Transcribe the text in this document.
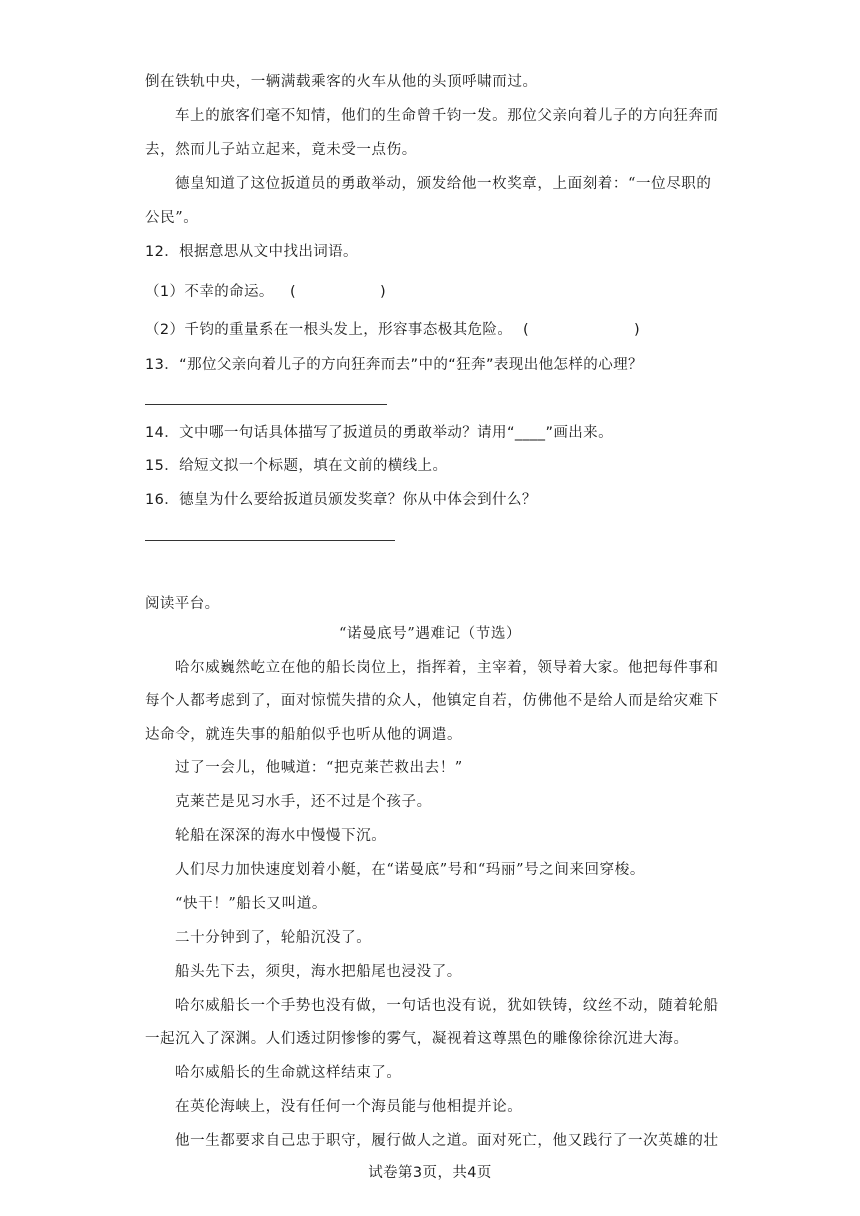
倒在铁轨中央，一辆满载乘客的火车从他的头顶呼啸而过。
车上的旅客们毫不知情，他们的生命曾千钧一发。那位父亲向着儿子的方向狂奔而
去，然而儿子站立起来，竟未受一点伤。
德皇知道了这位扳道员的勇敢举动，颁发给他一枚奖章，上面刻着：“一位尽职的
公民”。
12．根据意思从文中找出词语。
（1）不幸的命运。 (	)
（2）千钧的重量系在一根头发上，形容事态极其危险。 (	)
13．“那位父亲向着儿子的方向狂奔而去”中的“狂奔”表现出他怎样的心理？
14．文中哪一句话具体描写了扳道员的勇敢举动？请用“____”画出来。
15．给短文拟一个标题，填在文前的横线上。
16．德皇为什么要给扳道员颁发奖章？你从中体会到什么？
阅读平台。
“诺曼底号”遇难记（节选）
哈尔威巍然屹立在他的船长岗位上，指挥着，主宰着，领导着大家。他把每件事和
每个人都考虑到了，面对惊慌失措的众人，他镇定自若，仿佛他不是给人而是给灾难下
达命令，就连失事的船舶似乎也听从他的调遣。
过了一会儿，他喊道：“把克莱芒救出去！”
克莱芒是见习水手，还不过是个孩子。
轮船在深深的海水中慢慢下沉。
人们尽力加快速度划着小艇，在“诺曼底”号和“玛丽”号之间来回穿梭。
“快干！”船长又叫道。
二十分钟到了，轮船沉没了。
船头先下去，须臾，海水把船尾也浸没了。
哈尔威船长一个手势也没有做，一句话也没有说，犹如铁铸，纹丝不动，随着轮船
一起沉入了深渊。人们透过阴惨惨的雾气，凝视着这尊黑色的雕像徐徐沉进大海。
哈尔威船长的生命就这样结束了。
在英伦海峡上，没有任何一个海员能与他相提并论。
他一生都要求自己忠于职守，履行做人之道。面对死亡，他又践行了一次英雄的壮
试卷第3页，共4页
